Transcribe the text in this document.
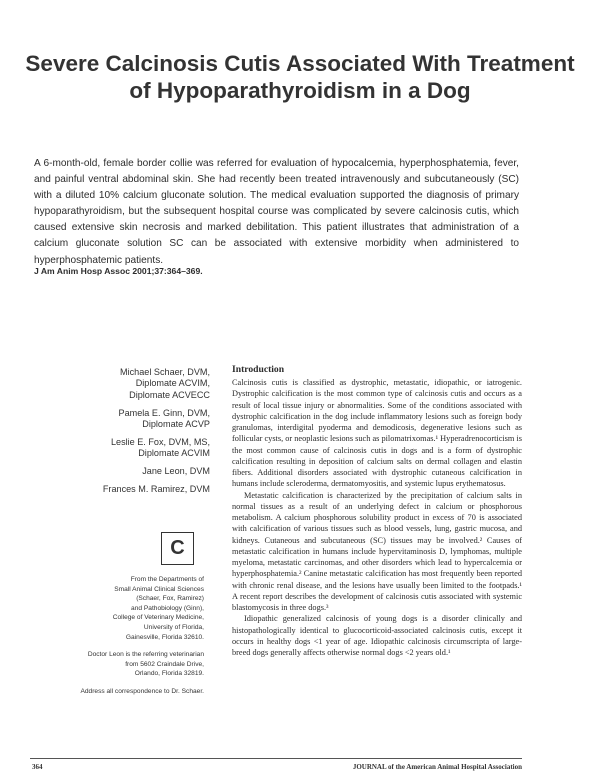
Severe Calcinosis Cutis Associated With Treatment of Hypoparathyroidism in a Dog
A 6-month-old, female border collie was referred for evaluation of hypocalcemia, hyperphosphatemia, fever, and painful ventral abdominal skin. She had recently been treated intravenously and subcutaneously (SC) with a diluted 10% calcium gluconate solution. The medical evaluation supported the diagnosis of primary hypoparathyroidism, but the subsequent hospital course was complicated by severe calcinosis cutis, which caused extensive skin necrosis and marked debilitation. This patient illustrates that administration of a calcium gluconate solution SC can be associated with extensive morbidity when administered to hyperphosphatemic patients.
J Am Anim Hosp Assoc 2001;37:364–369.
Michael Schaer, DVM,
Diplomate ACVIM,
Diplomate ACVECC
Pamela E. Ginn, DVM,
Diplomate ACVP
Leslie E. Fox, DVM, MS,
Diplomate ACVIM
Jane Leon, DVM
Frances M. Ramirez, DVM
C

From the Departments of
Small Animal Clinical Sciences
(Schaer, Fox, Ramirez)
and Pathobiology (Ginn),
College of Veterinary Medicine,
University of Florida,
Gainesville, Florida 32610.

Doctor Leon is the referring veterinarian
from 5602 Craindale Drive,
Orlando, Florida 32819.

Address all correspondence to Dr. Schaer.

Introduction

Calcinosis cutis is classified as dystrophic, metastatic, idiopathic, or iatrogenic. Dystrophic calcification is the most common type of calcinosis cutis and occurs as a result of local tissue injury or abnormalities. Some of the conditions associated with dystrophic calcification in the dog include inflammatory lesions such as foreign body granulomas, interdigital pyoderma and demodicosis, degenerative lesions such as follicular cysts, or neoplastic lesions such as pilomatrixomas.¹ Hyperadrenocorticism is the most common cause of calcinosis cutis in dogs and is a form of dystrophic calcification resulting in deposition of calcium salts on dermal collagen and elastin fibers. Additional disorders associated with dystrophic cutaneous calcification in humans include scleroderma, dermatomyositis, and systemic lupus erythematosus.

Metastatic calcification is characterized by the precipitation of calcium salts in normal tissues as a result of an underlying defect in calcium or phosphorous metabolism. A calcium phosphorous solubility product in excess of 70 is associated with calcification of various tissues such as blood vessels, lung, gastric mucosa, and kidneys. Cutaneous and subcutaneous (SC) tissues may be involved.² Causes of metastatic calcification in humans include hypervitaminosis D, lymphomas, multiple myeloma, metastatic carcinomas, and other disorders which lead to hypercalcemia or hyperphosphatemia.² Canine metastatic calcification has most frequently been reported with chronic renal disease, and the lesions have usually been limited to the footpads.¹ A recent report describes the development of calcinosis cutis associated with systemic blastomycosis in three dogs.³

Idiopathic generalized calcinosis of young dogs is a disorder clinically and histopathologically identical to glucocorticoid-associated calcinosis cutis, except it occurs in healthy dogs <1 year of age. Idiopathic calcinosis circumscripta of large-breed dogs generally affects otherwise normal dogs <2 years old.¹

364	JOURNAL of the American Animal Hospital Association
